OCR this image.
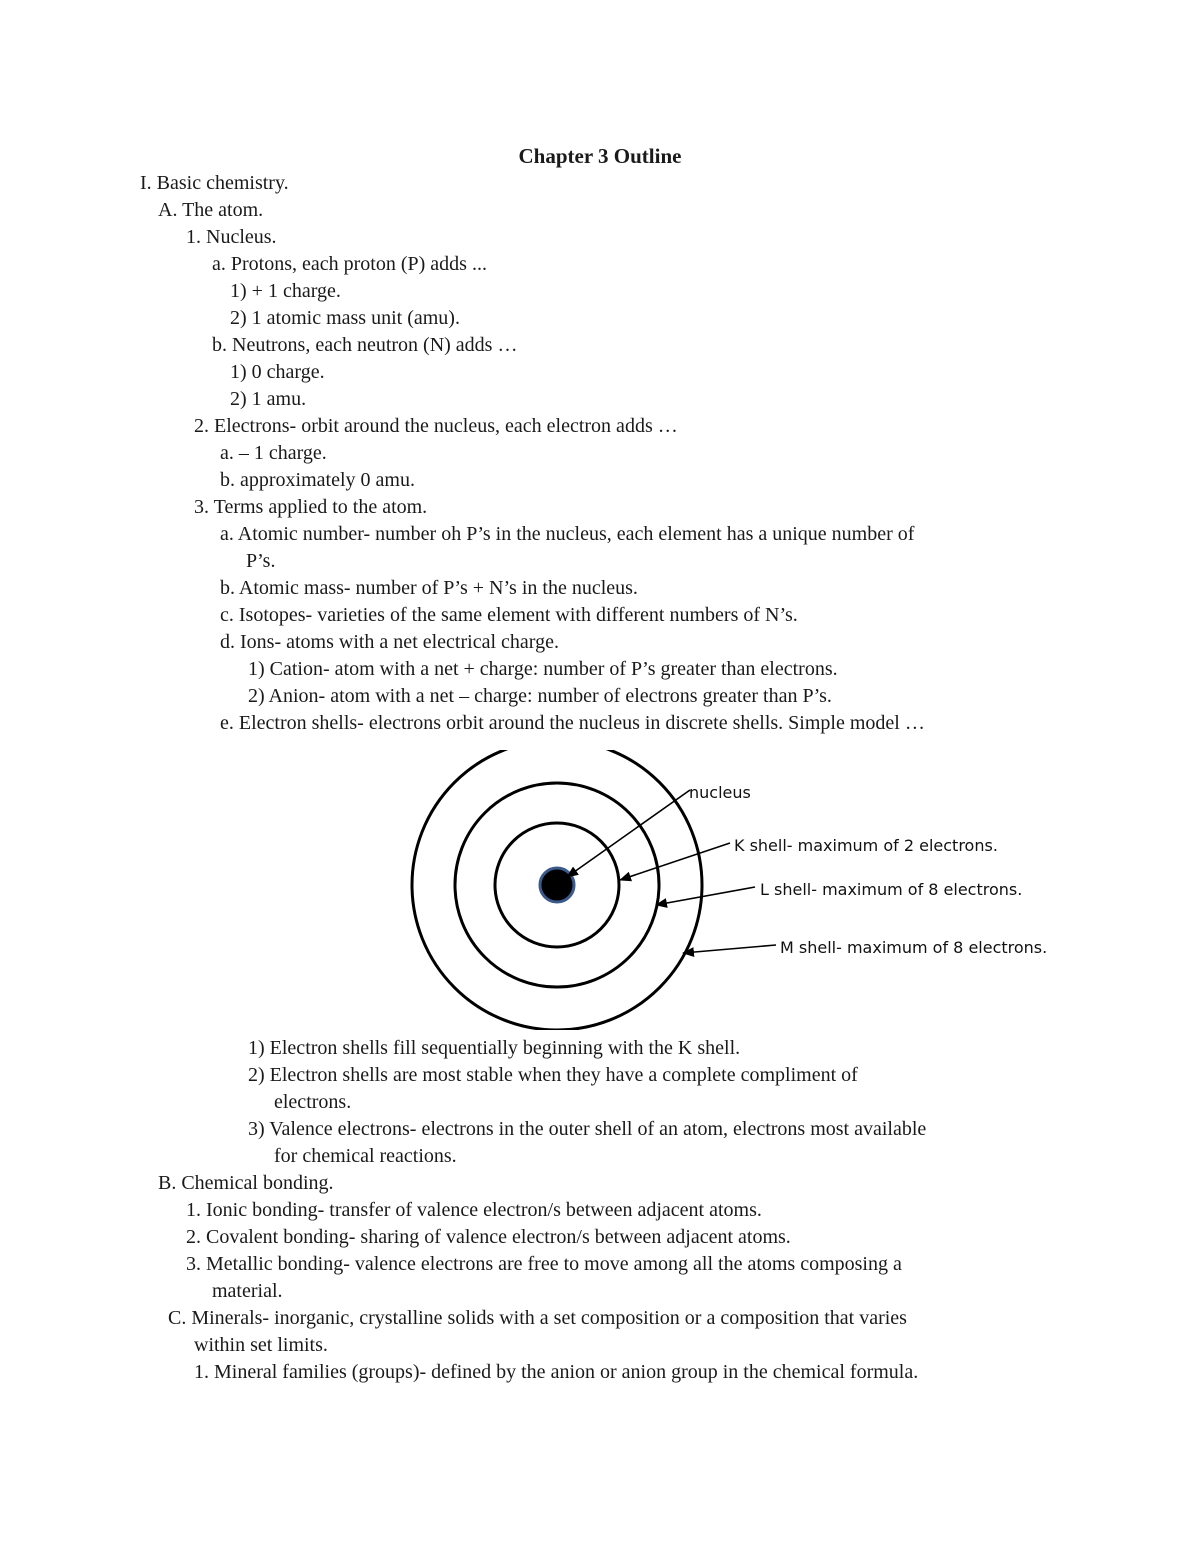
Chapter 3 Outline
I. Basic chemistry.
A. The atom.
1. Nucleus.
a. Protons, each proton (P) adds ...
1) + 1 charge.
2) 1 atomic mass unit (amu).
b. Neutrons, each neutron (N) adds …
1) 0 charge.
2) 1 amu.
2. Electrons- orbit around the nucleus, each electron adds …
a. – 1 charge.
b. approximately 0 amu.
3. Terms applied to the atom.
a. Atomic number- number oh P’s in the nucleus, each element has a unique number of
P’s.
b. Atomic mass- number of P’s + N’s in the nucleus.
c. Isotopes- varieties of the same element with different numbers of N’s.
d. Ions- atoms with a net electrical charge.
1) Cation- atom with a net + charge: number of P’s greater than electrons.
2) Anion- atom with a net – charge: number of electrons greater than P’s.
e. Electron shells- electrons orbit around the nucleus in discrete shells. Simple model …
nucleus
K shell- maximum of 2 electrons.
L shell- maximum of 8 electrons.
M shell- maximum of 8 electrons.
1) Electron shells fill sequentially beginning with the K shell.
2) Electron shells are most stable when they have a complete compliment of
electrons.
3) Valence electrons- electrons in the outer shell of an atom, electrons most available
for chemical reactions.
B. Chemical bonding.
1. Ionic bonding- transfer of valence electron/s between adjacent atoms.
2. Covalent bonding- sharing of valence electron/s between adjacent atoms.
3. Metallic bonding- valence electrons are free to move among all the atoms composing a
material.
C. Minerals- inorganic, crystalline solids with a set composition or a composition that varies
within set limits.
1. Mineral families (groups)- defined by the anion or anion group in the chemical formula.
